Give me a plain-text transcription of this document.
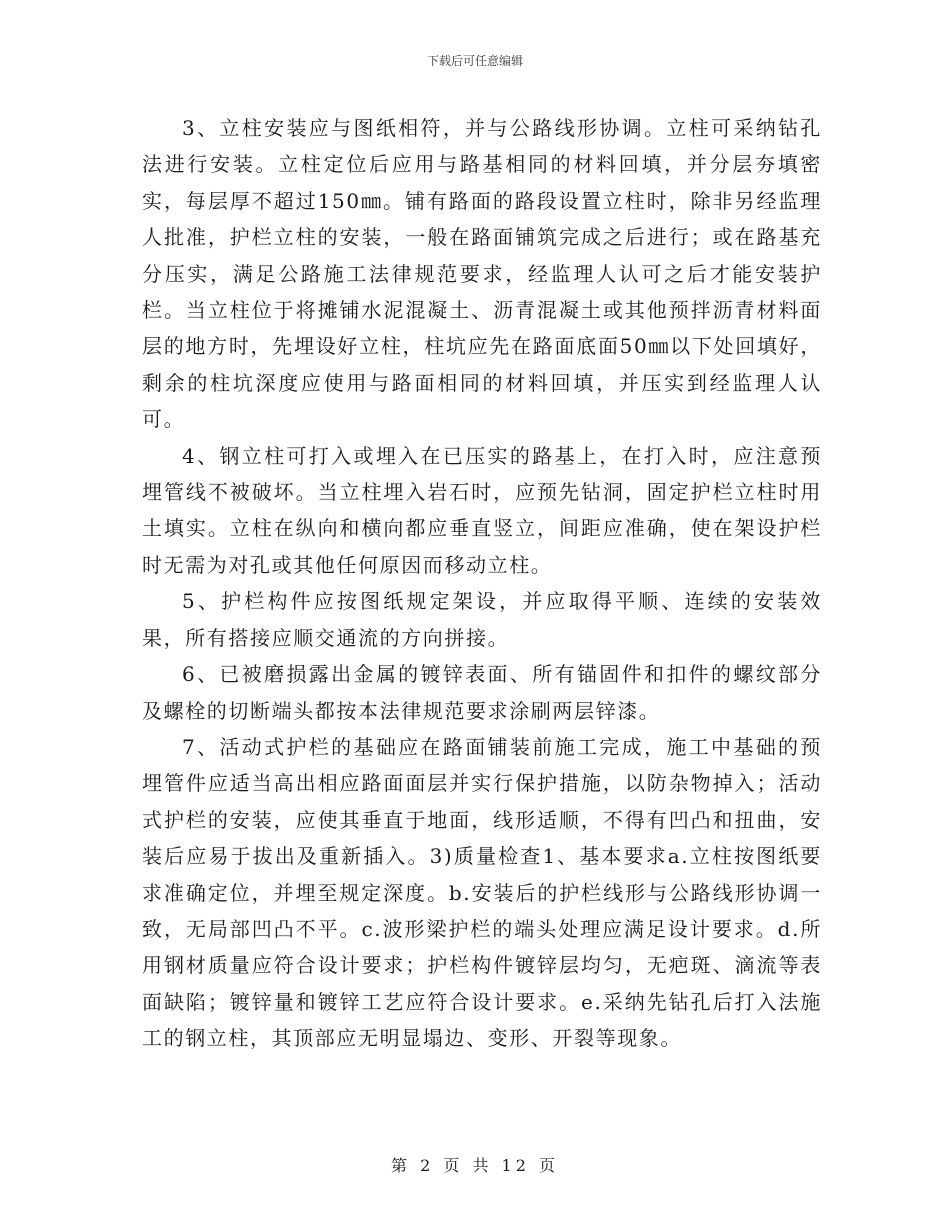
下载后可任意编辑

3、立柱安装应与图纸相符，并与公路线形协调。立柱可采纳钻孔法进行安装。立柱定位后应用与路基相同的材料回填，并分层夯填密实，每层厚不超过150㎜。铺有路面的路段设置立柱时，除非另经监理人批准，护栏立柱的安装，一般在路面铺筑完成之后进行；或在路基充分压实，满足公路施工法律规范要求，经监理人认可之后才能安装护栏。当立柱位于将摊铺水泥混凝土、沥青混凝土或其他预拌沥青材料面层的地方时，先埋设好立柱，柱坑应先在路面底面50㎜以下处回填好，剩余的柱坑深度应使用与路面相同的材料回填，并压实到经监理人认可。

4、钢立柱可打入或埋入在已压实的路基上，在打入时，应注意预埋管线不被破坏。当立柱埋入岩石时，应预先钻洞，固定护栏立柱时用土填实。立柱在纵向和横向都应垂直竖立，间距应准确，使在架设护栏时无需为对孔或其他任何原因而移动立柱。

5、护栏构件应按图纸规定架设，并应取得平顺、连续的安装效果，所有搭接应顺交通流的方向拼接。

6、已被磨损露出金属的镀锌表面、所有锚固件和扣件的螺纹部分及螺栓的切断端头都按本法律规范要求涂刷两层锌漆。

7、活动式护栏的基础应在路面铺装前施工完成，施工中基础的预埋管件应适当高出相应路面面层并实行保护措施，以防杂物掉入；活动式护栏的安装，应使其垂直于地面，线形适顺，不得有凹凸和扭曲，安装后应易于拔出及重新插入。3)质量检查1、基本要求a.立柱按图纸要求准确定位，并埋至规定深度。b.安装后的护栏线形与公路线形协调一致，无局部凹凸不平。c.波形梁护栏的端头处理应满足设计要求。d.所用钢材质量应符合设计要求；护栏构件镀锌层均匀，无疤斑、滴流等表面缺陷；镀锌量和镀锌工艺应符合设计要求。e.采纳先钻孔后打入法施工的钢立柱，其顶部应无明显塌边、变形、开裂等现象。

第 2 页 共 12 页
